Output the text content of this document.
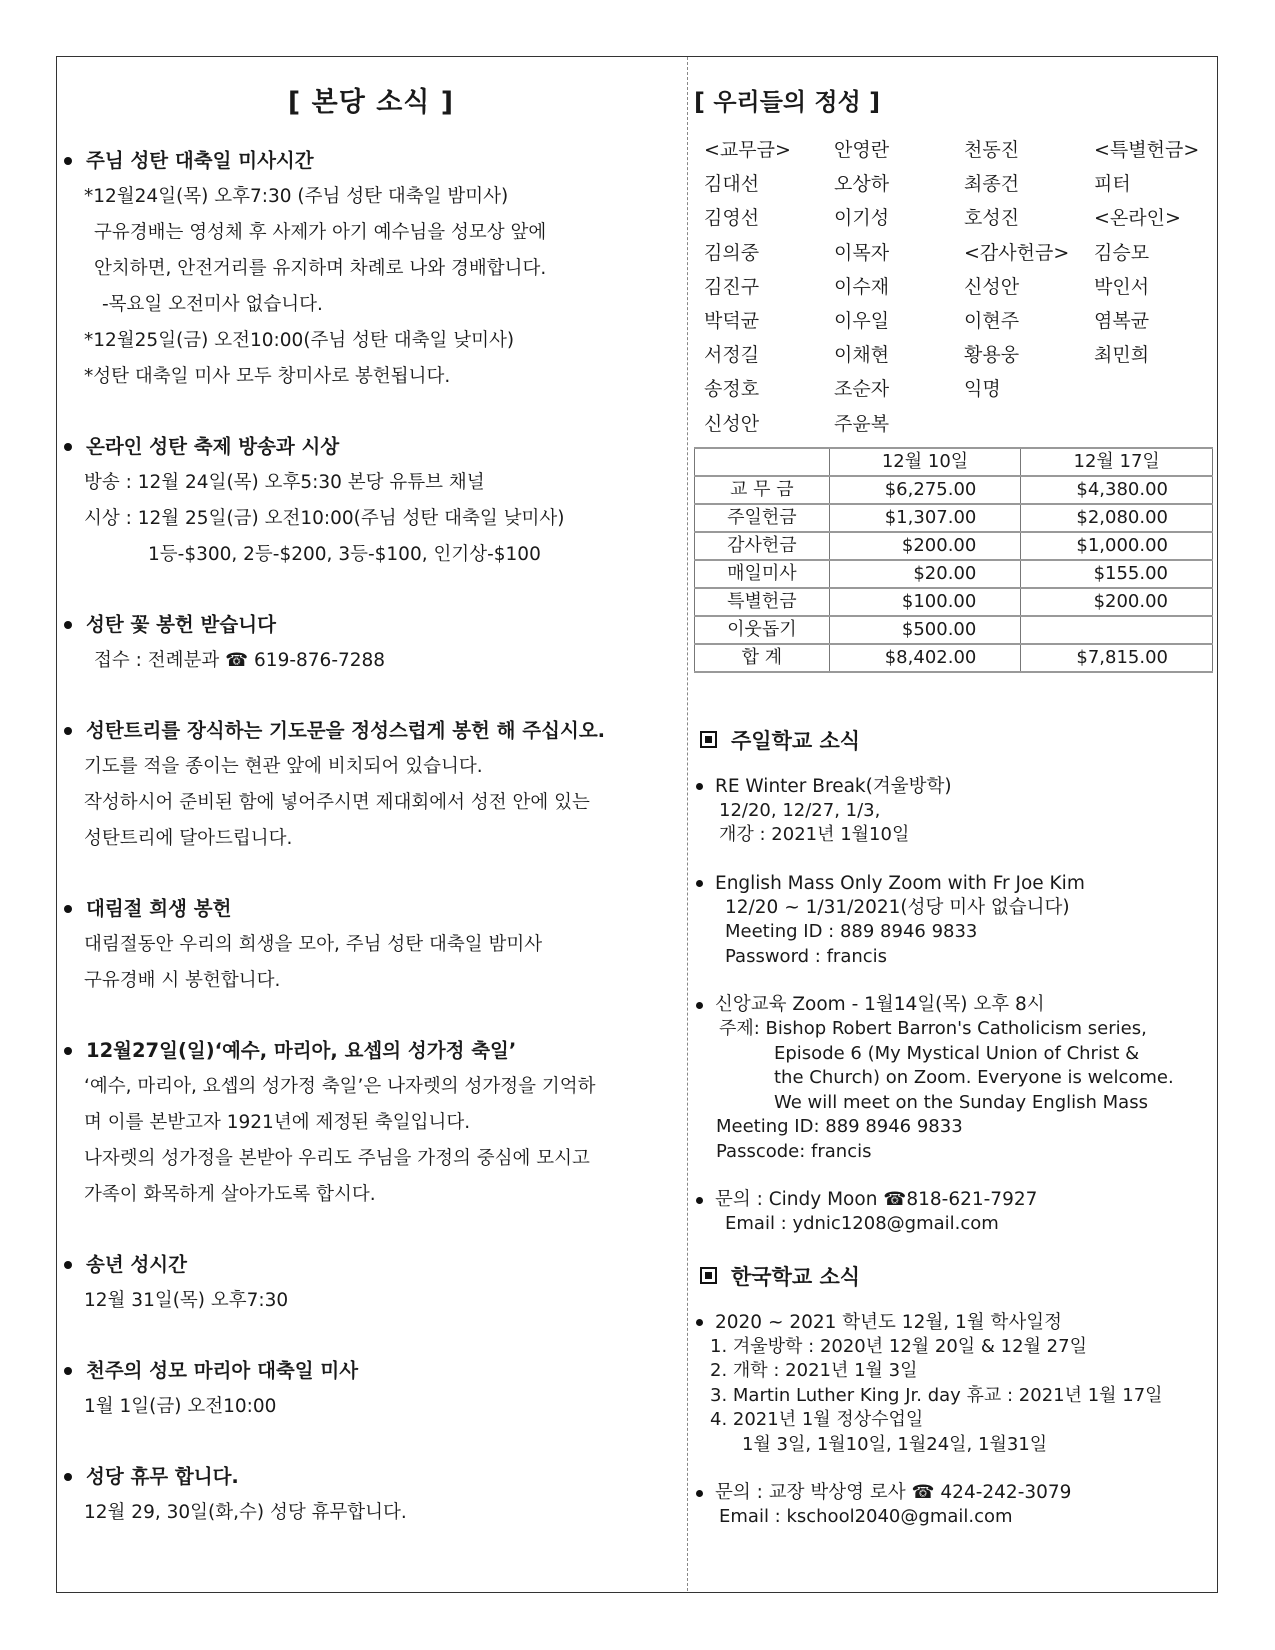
[ 본당 소식 ]
주님 성탄 대축일 미사시간
*12월24일(목) 오후7:30 (주님 성탄 대축일 밤미사)
구유경배는 영성체 후 사제가 아기 예수님을 성모상 앞에
안치하면, 안전거리를 유지하며 차례로 나와 경배합니다.
-목요일 오전미사 없습니다.
*12월25일(금) 오전10:00(주님 성탄 대축일 낮미사)
*성탄 대축일 미사 모두 창미사로 봉헌됩니다.
온라인 성탄 축제 방송과 시상
방송 : 12월 24일(목) 오후5:30 본당 유튜브 채널
시상 : 12월 25일(금) 오전10:00(주님 성탄 대축일 낮미사)
1등-$300, 2등-$200, 3등-$100, 인기상-$100
성탄 꽃 봉헌 받습니다
접수 : 전례분과 ☎ 619-876-7288
성탄트리를 장식하는 기도문을 정성스럽게 봉헌 해 주십시오.
기도를 적을 종이는 현관 앞에 비치되어 있습니다.
작성하시어 준비된 함에 넣어주시면 제대회에서 성전 안에 있는
성탄트리에 달아드립니다.
대림절 희생 봉헌
대림절동안 우리의 희생을 모아, 주님 성탄 대축일 밤미사
구유경배 시 봉헌합니다.
12월27일(일)‘예수, 마리아, 요셉의 성가정 축일’
‘예수, 마리아, 요셉의 성가정 축일’은 나자렛의 성가정을 기억하
며 이를 본받고자 1921년에 제정된 축일입니다.
나자렛의 성가정을 본받아 우리도 주님을 가정의 중심에 모시고
가족이 화목하게 살아가도록 합시다.
송년 성시간
12월 31일(목) 오후7:30
천주의 성모 마리아 대축일 미사
1월 1일(금) 오전10:00
성당 휴무 합니다.
12월 29, 30일(화,수) 성당 휴무합니다.
[ 우리들의 정성 ]
<교무금>	안영란	천동진	<특별헌금>
김대선	오상하	최종건	피터
김영선	이기성	호성진	<온라인>
김의중	이목자	<감사헌금>	김승모
김진구	이수재	신성안	박인서
박덕균	이우일	이현주	염복균
서정길	이채현	황용웅	최민희
송정호	조순자	익명
신성안	주윤복
	12월 10일	12월 17일
교 무 금	$6,275.00	$4,380.00
주일헌금	$1,307.00	$2,080.00
감사헌금	$200.00	$1,000.00
매일미사	$20.00	$155.00
특별헌금	$100.00	$200.00
이웃돕기	$500.00	
합 계	$8,402.00	$7,815.00
주일학교 소식
RE Winter Break(겨울방학)
12/20, 12/27, 1/3,
개강 : 2021년 1월10일
English Mass Only Zoom with Fr Joe Kim
12/20 ~ 1/31/2021(성당 미사 없습니다)
Meeting ID : 889 8946 9833
Password : francis
신앙교육 Zoom - 1월14일(목) 오후 8시
주제: Bishop Robert Barron's Catholicism series,
Episode 6 (My Mystical Union of Christ &
the Church) on Zoom. Everyone is welcome.
We will meet on the Sunday English Mass
Meeting ID: 889 8946 9833
Passcode: francis
문의 : Cindy Moon ☎818-621-7927
Email : ydnic1208@gmail.com
한국학교 소식
2020 ~ 2021 학년도 12월, 1월 학사일정
1. 겨울방학 : 2020년 12월 20일 & 12월 27일
2. 개학 : 2021년 1월 3일
3. Martin Luther King Jr. day 휴교 : 2021년 1월 17일
4. 2021년 1월 정상수업일
1월 3일, 1월10일, 1월24일, 1월31일
문의 : 교장 박상영 로사 ☎ 424-242-3079
Email : kschool2040@gmail.com
